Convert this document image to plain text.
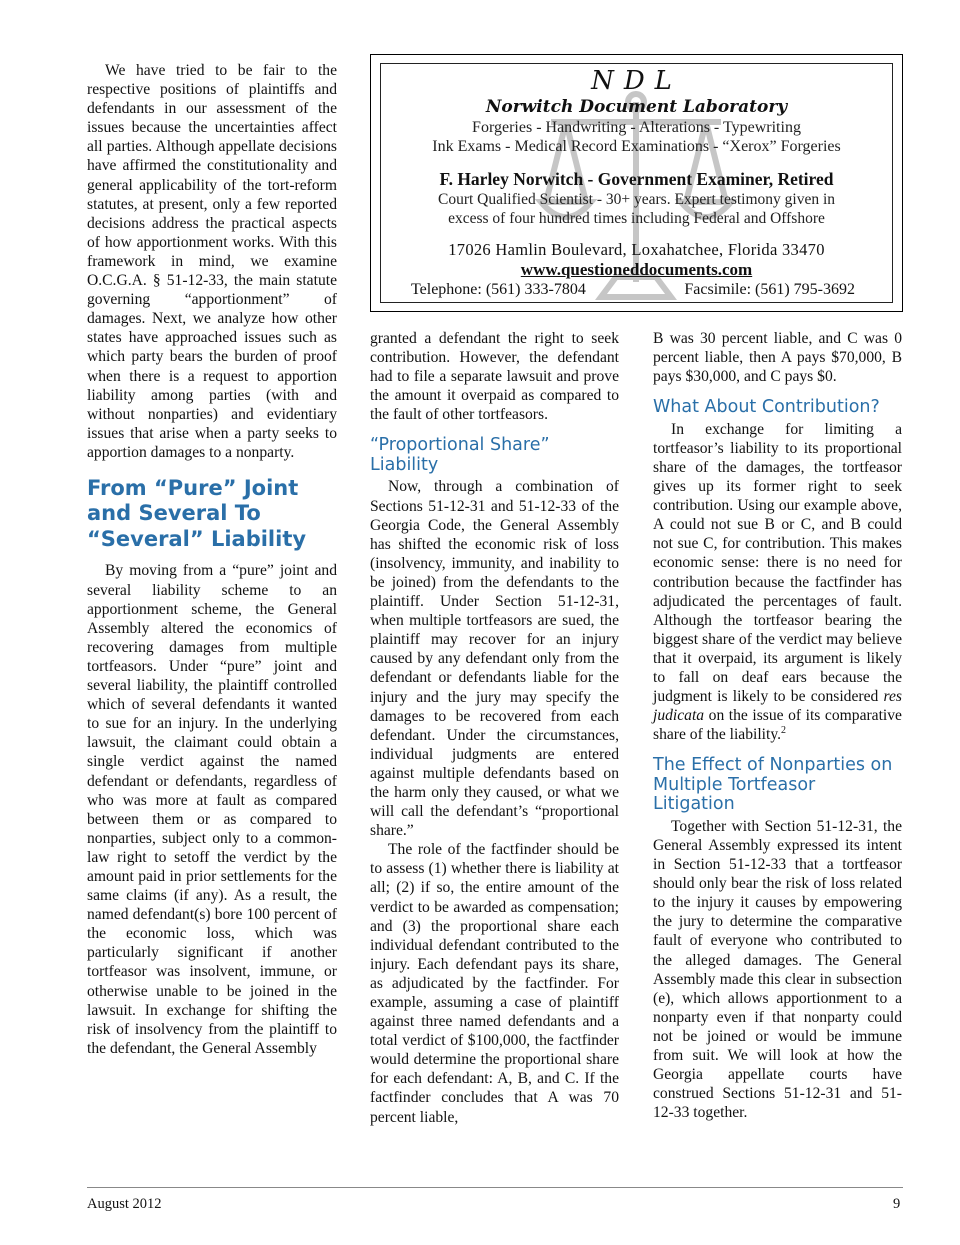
We have tried to be fair to the respective positions of plaintiffs and defendants in our assessment of the issues because the uncertainties affect all parties. Although appellate decisions have affirmed the constitutionality and general applicability of the tort-reform statutes, at present, only a few reported decisions address the practical aspects of how apportionment works. With this framework in mind, we examine O.C.G.A. § 51-12-33, the main statute governing “apportionment” of damages. Next, we analyze how other states have approached issues such as which party bears the burden of proof when there is a request to apportion liability among parties (with and without nonparties) and evidentiary issues that arise when a party seeks to apportion damages to a nonparty.

From “Pure” Joint and Several To “Several” Liability

By moving from a “pure” joint and several liability scheme to an apportionment scheme, the General Assembly altered the economics of recovering damages from multiple tortfeasors. Under “pure” joint and several liability, the plaintiff controlled which of several defendants it wanted to sue for an injury. In the underlying lawsuit, the claimant could obtain a single verdict against the named defendant or defendants, regardless of who was more at fault as compared between them or as compared to nonparties, subject only to a common-law right to setoff the verdict by the amount paid in prior settlements for the same claims (if any). As a result, the named defendant(s) bore 100 percent of the economic loss, which was particularly significant if another tortfeasor was insolvent, immune, or otherwise unable to be joined in the lawsuit. In exchange for shifting the risk of insolvency from the plaintiff to the defendant, the General Assembly

NDL

Norwitch Document Laboratory

Forgeries - Handwriting - Alterations - Typewriting

Ink Exams - Medical Record Examinations - “Xerox” Forgeries

F. Harley Norwitch - Government Examiner, Retired

Court Qualified Scientist - 30+ years. Expert testimony given in

excess of four hundred times including Federal and Offshore

17026 Hamlin Boulevard, Loxahatchee, Florida 33470

www.questioneddocuments.com

Telephone: (561) 333-7804	Facsimile: (561) 795-3692

granted a defendant the right to seek contribution. However, the defendant had to file a separate lawsuit and prove the amount it overpaid as compared to the fault of other tortfeasors.

“Proportional Share” Liability

Now, through a combination of Sections 51-12-31 and 51-12-33 of the Georgia Code, the General Assembly has shifted the economic risk of loss (insolvency, immunity, and inability to be joined) from the defendants to the plaintiff. Under Section 51-12-31, when multiple tortfeasors are sued, the plaintiff may recover for an injury caused by any defendant only from the defendant or defendants liable for the injury and the jury may specify the damages to be recovered from each defendant. Under the circumstances, individual judgments are entered against multiple defendants based on the harm only they caused, or what we will call the defendant’s “proportional share.”

The role of the factfinder should be to assess (1) whether there is liability at all; (2) if so, the entire amount of the verdict to be awarded as compensation; and (3) the proportional share each individual defendant contributed to the injury. Each defendant pays its share, as adjudicated by the factfinder. For example, assuming a case of plaintiff against three named defendants and a total verdict of $100,000, the factfinder would determine the proportional share for each defendant: A, B, and C. If the factfinder concludes that A was 70 percent liable,

B was 30 percent liable, and C was 0 percent liable, then A pays $70,000, B pays $30,000, and C pays $0.

What About Contribution?

In exchange for limiting a tortfeasor’s liability to its proportional share of the damages, the tortfeasor gives up its former right to seek contribution. Using our example above, A could not sue B or C, and B could not sue C, for contribution. This makes economic sense: there is no need for contribution because the factfinder has adjudicated the percentages of fault. Although the tortfeasor bearing the biggest share of the verdict may believe that it overpaid, its argument is likely to fall on deaf ears because the judgment is likely to be considered res judicata on the issue of its comparative share of the liability.$^2$

The Effect of Nonparties on Multiple Tortfeasor Litigation

Together with Section 51-12-31, the General Assembly expressed its intent in Section 51-12-33 that a tortfeasor should only bear the risk of loss related to the injury it causes by empowering the jury to determine the comparative fault of everyone who contributed to the alleged damages. The General Assembly made this clear in subsection (e), which allows apportionment to a nonparty even if that nonparty could not be joined or would be immune from suit. We will look at how the Georgia appellate courts have construed Sections 51-12-31 and 51-12-33 together.

August 2012	9
